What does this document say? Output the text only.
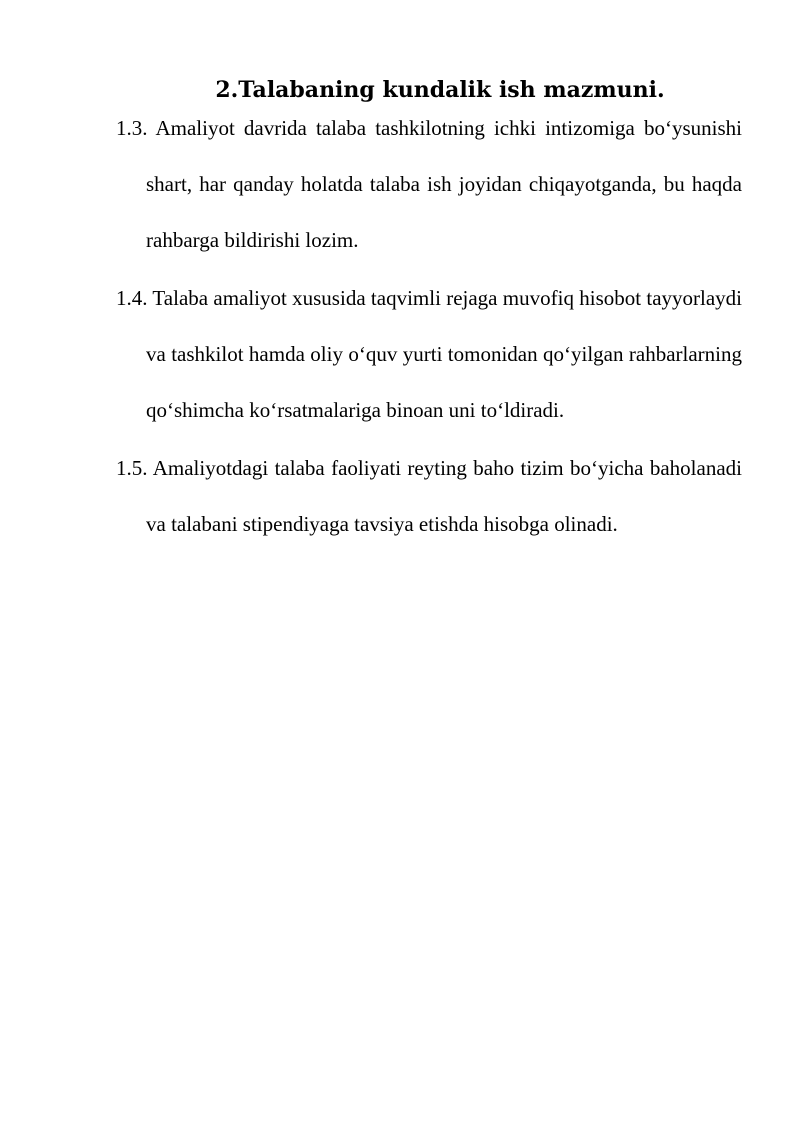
2.Talabaning kundalik ish mazmuni.
1.3. Amaliyot davrida talaba tashkilotning ichki intizomiga bo‘ysunishi shart, har qanday holatda talaba ish joyidan chiqayotganda, bu haqda rahbarga bildirishi lozim.
1.4. Talaba amaliyot xususida taqvimli rejaga muvofiq hisobot tayyorlaydi va tashkilot hamda oliy o‘quv yurti tomonidan qo‘yilgan rahbarlarning qo‘shimcha ko‘rsatmalariga binoan uni to‘ldiradi.
1.5. Amaliyotdagi talaba faoliyati reyting baho tizim bo‘yicha baholanadi va talabani stipendiyaga tavsiya etishda hisobga olinadi.
